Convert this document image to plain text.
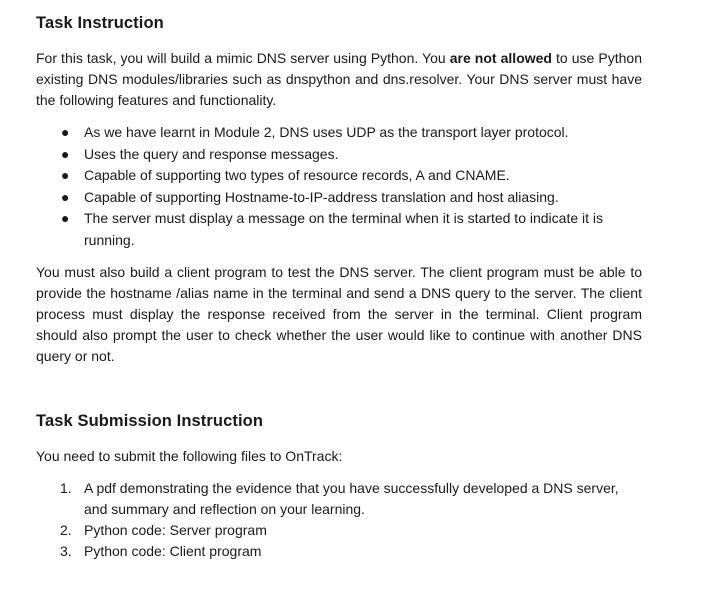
Task Instruction

For this task, you will build a mimic DNS server using Python. You are not allowed to use Python existing DNS modules/libraries such as dnspython and dns.resolver. Your DNS server must have the following features and functionality.

● As we have learnt in Module 2, DNS uses UDP as the transport layer protocol.
● Uses the query and response messages.
● Capable of supporting two types of resource records, A and CNAME.
● Capable of supporting Hostname-to-IP-address translation and host aliasing.
● The server must display a message on the terminal when it is started to indicate it is running.

You must also build a client program to test the DNS server. The client program must be able to provide the hostname /alias name in the terminal and send a DNS query to the server. The client process must display the response received from the server in the terminal. Client program should also prompt the user to check whether the user would like to continue with another DNS query or not.

Task Submission Instruction

You need to submit the following files to OnTrack:

1. A pdf demonstrating the evidence that you have successfully developed a DNS server, and summary and reflection on your learning.
2. Python code: Server program
3. Python code: Client program
